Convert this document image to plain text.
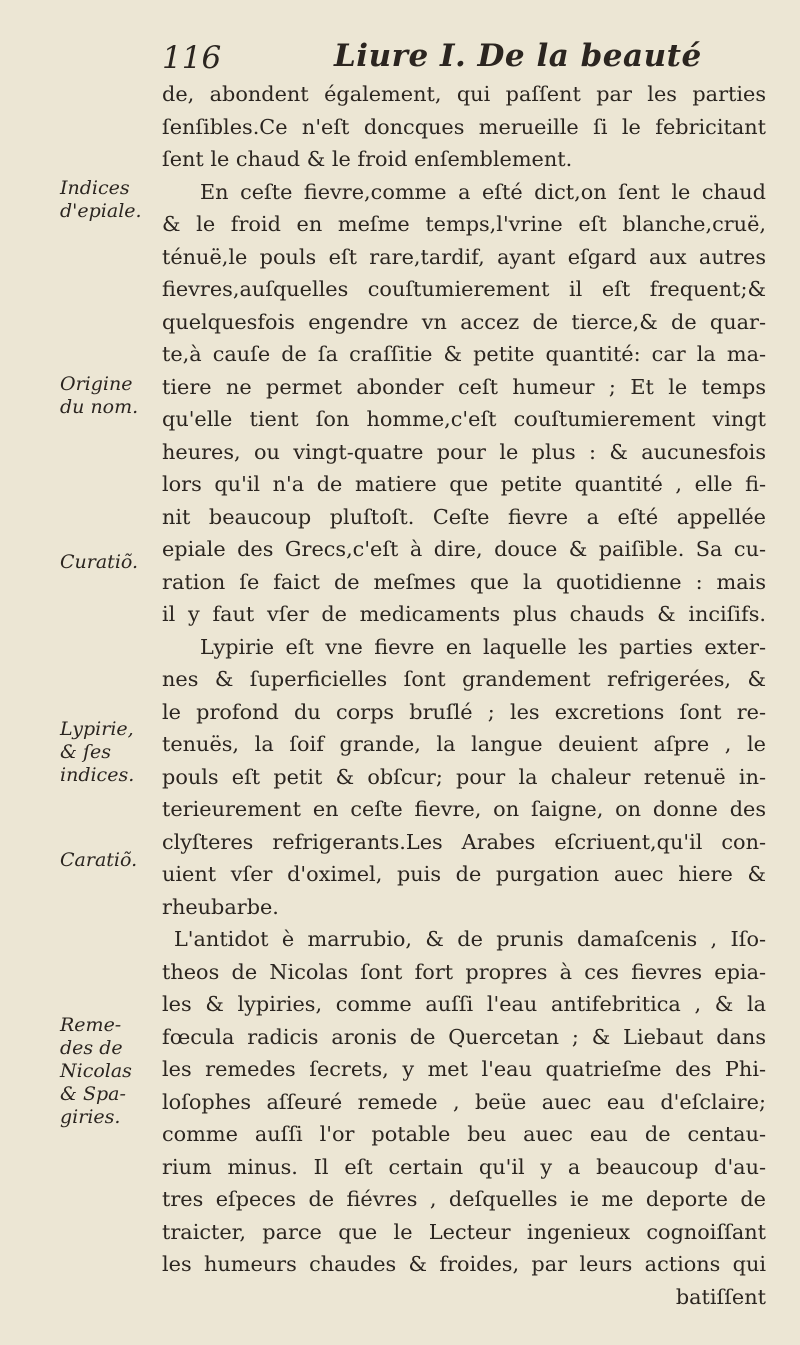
116	Liure I. De la beauté
Indices
d'epiale.
Origine
du nom.
Curatiõ.
Lypirie,
& ſes
indices.
Caratiõ.
Reme-
des de
Nicolas
& Spa-
giries.
de, abondent également, qui paſſent par les parties
ſenſibles.Ce n'eſt doncques merueille ſi le febricitant
ſent le chaud & le froid enſemblement.
En ceſte fievre,comme a eſté dict,on ſent le chaud
& le froid en meſme temps,l'vrine eſt blanche,cruë,
ténuë,le pouls eſt rare,tardif, ayant eſgard aux autres
fievres,auſquelles couſtumierement il eſt frequent;&
quelquesfois engendre vn accez de tierce,& de quar-
te,à cauſe de ſa craſſitie & petite quantité: car la ma-
tiere ne permet abonder ceſt humeur ; Et le temps
qu'elle tient ſon homme,c'eſt couſtumierement vingt
heures, ou vingt-quatre pour le plus : & aucunesfois
lors qu'il n'a de matiere que petite quantité , elle fi-
nit beaucoup pluſtoſt. Ceſte fievre a eſté appellée
epiale des Grecs,c'eſt à dire, douce & paiſible. Sa cu-
ration ſe faict de meſmes que la quotidienne : mais
il y faut vſer de medicaments plus chauds & inciſifs.
Lypirie eſt vne fievre en laquelle les parties exter-
nes & ſuperficielles ſont grandement refrigerées, &
le profond du corps bruſlé ; les excretions ſont re-
tenuës, la ſoif grande, la langue deuient aſpre , le
pouls eſt petit & obſcur; pour la chaleur retenuë in-
terieurement en ceſte fievre, on ſaigne, on donne des
clyſteres refrigerants.Les Arabes eſcriuent,qu'il con-
uient vſer d'oximel, puis de purgation auec hiere &
rheubarbe.
L'antidot è marrubio, & de prunis damaſcenis , Iſo-
theos de Nicolas ſont fort propres à ces fievres epia-
les & lypiries, comme auſſi l'eau antifebritica , & la
fœcula radicis aronis de Quercetan ; & Liebaut dans
les remedes ſecrets, y met l'eau quatrieſme des Phi-
loſophes aſſeuré remede , beüe auec eau d'eſclaire;
comme auſſi l'or potable beu auec eau de centau-
rium minus. Il eſt certain qu'il y a beaucoup d'au-
tres eſpeces de fiévres , deſquelles ie me deporte de
traicter, parce que le Lecteur ingenieux cognoiſſant
les humeurs chaudes & froides, par leurs actions qui
batiſſent
